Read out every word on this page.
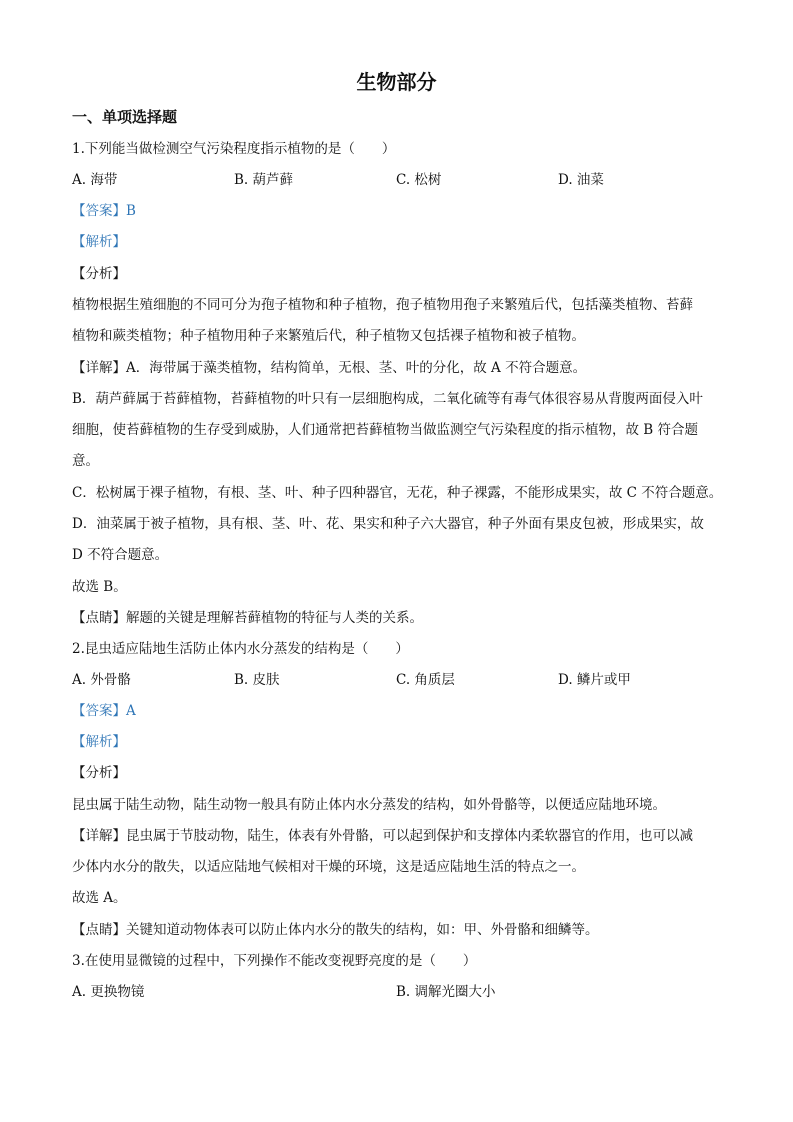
生物部分
一、单项选择题
1.下列能当做检测空气污染程度指示植物的是（　　）
A. 海带	B. 葫芦藓	C. 松树	D. 油菜
【答案】B
【解析】
【分析】
植物根据生殖细胞的不同可分为孢子植物和种子植物，孢子植物用孢子来繁殖后代，包括藻类植物、苔藓
植物和蕨类植物；种子植物用种子来繁殖后代，种子植物又包括裸子植物和被子植物。
【详解】A．海带属于藻类植物，结构简单，无根、茎、叶的分化，故 A 不符合题意。
B．葫芦藓属于苔藓植物，苔藓植物的叶只有一层细胞构成，二氧化硫等有毒气体很容易从背腹两面侵入叶
细胞，使苔藓植物的生存受到威胁，人们通常把苔藓植物当做监测空气污染程度的指示植物，故 B 符合题
意。
C．松树属于裸子植物，有根、茎、叶、种子四种器官，无花，种子裸露，不能形成果实，故 C 不符合题意。
D．油菜属于被子植物，具有根、茎、叶、花、果实和种子六大器官，种子外面有果皮包被，形成果实，故
D 不符合题意。
故选 B。
【点睛】解题的关键是理解苔藓植物的特征与人类的关系。
2.昆虫适应陆地生活防止体内水分蒸发的结构是（　　）
A. 外骨骼	B. 皮肤	C. 角质层	D. 鳞片或甲
【答案】A
【解析】
【分析】
昆虫属于陆生动物，陆生动物一般具有防止体内水分蒸发的结构，如外骨骼等，以便适应陆地环境。
【详解】昆虫属于节肢动物，陆生，体表有外骨骼，可以起到保护和支撑体内柔软器官的作用，也可以减
少体内水分的散失，以适应陆地气候相对干燥的环境，这是适应陆地生活的特点之一。
故选 A。
【点睛】关键知道动物体表可以防止体内水分的散失的结构，如：甲、外骨骼和细鳞等。
3.在使用显微镜的过程中，下列操作不能改变视野亮度的是（　　）
A. 更换物镜	B. 调解光圈大小
